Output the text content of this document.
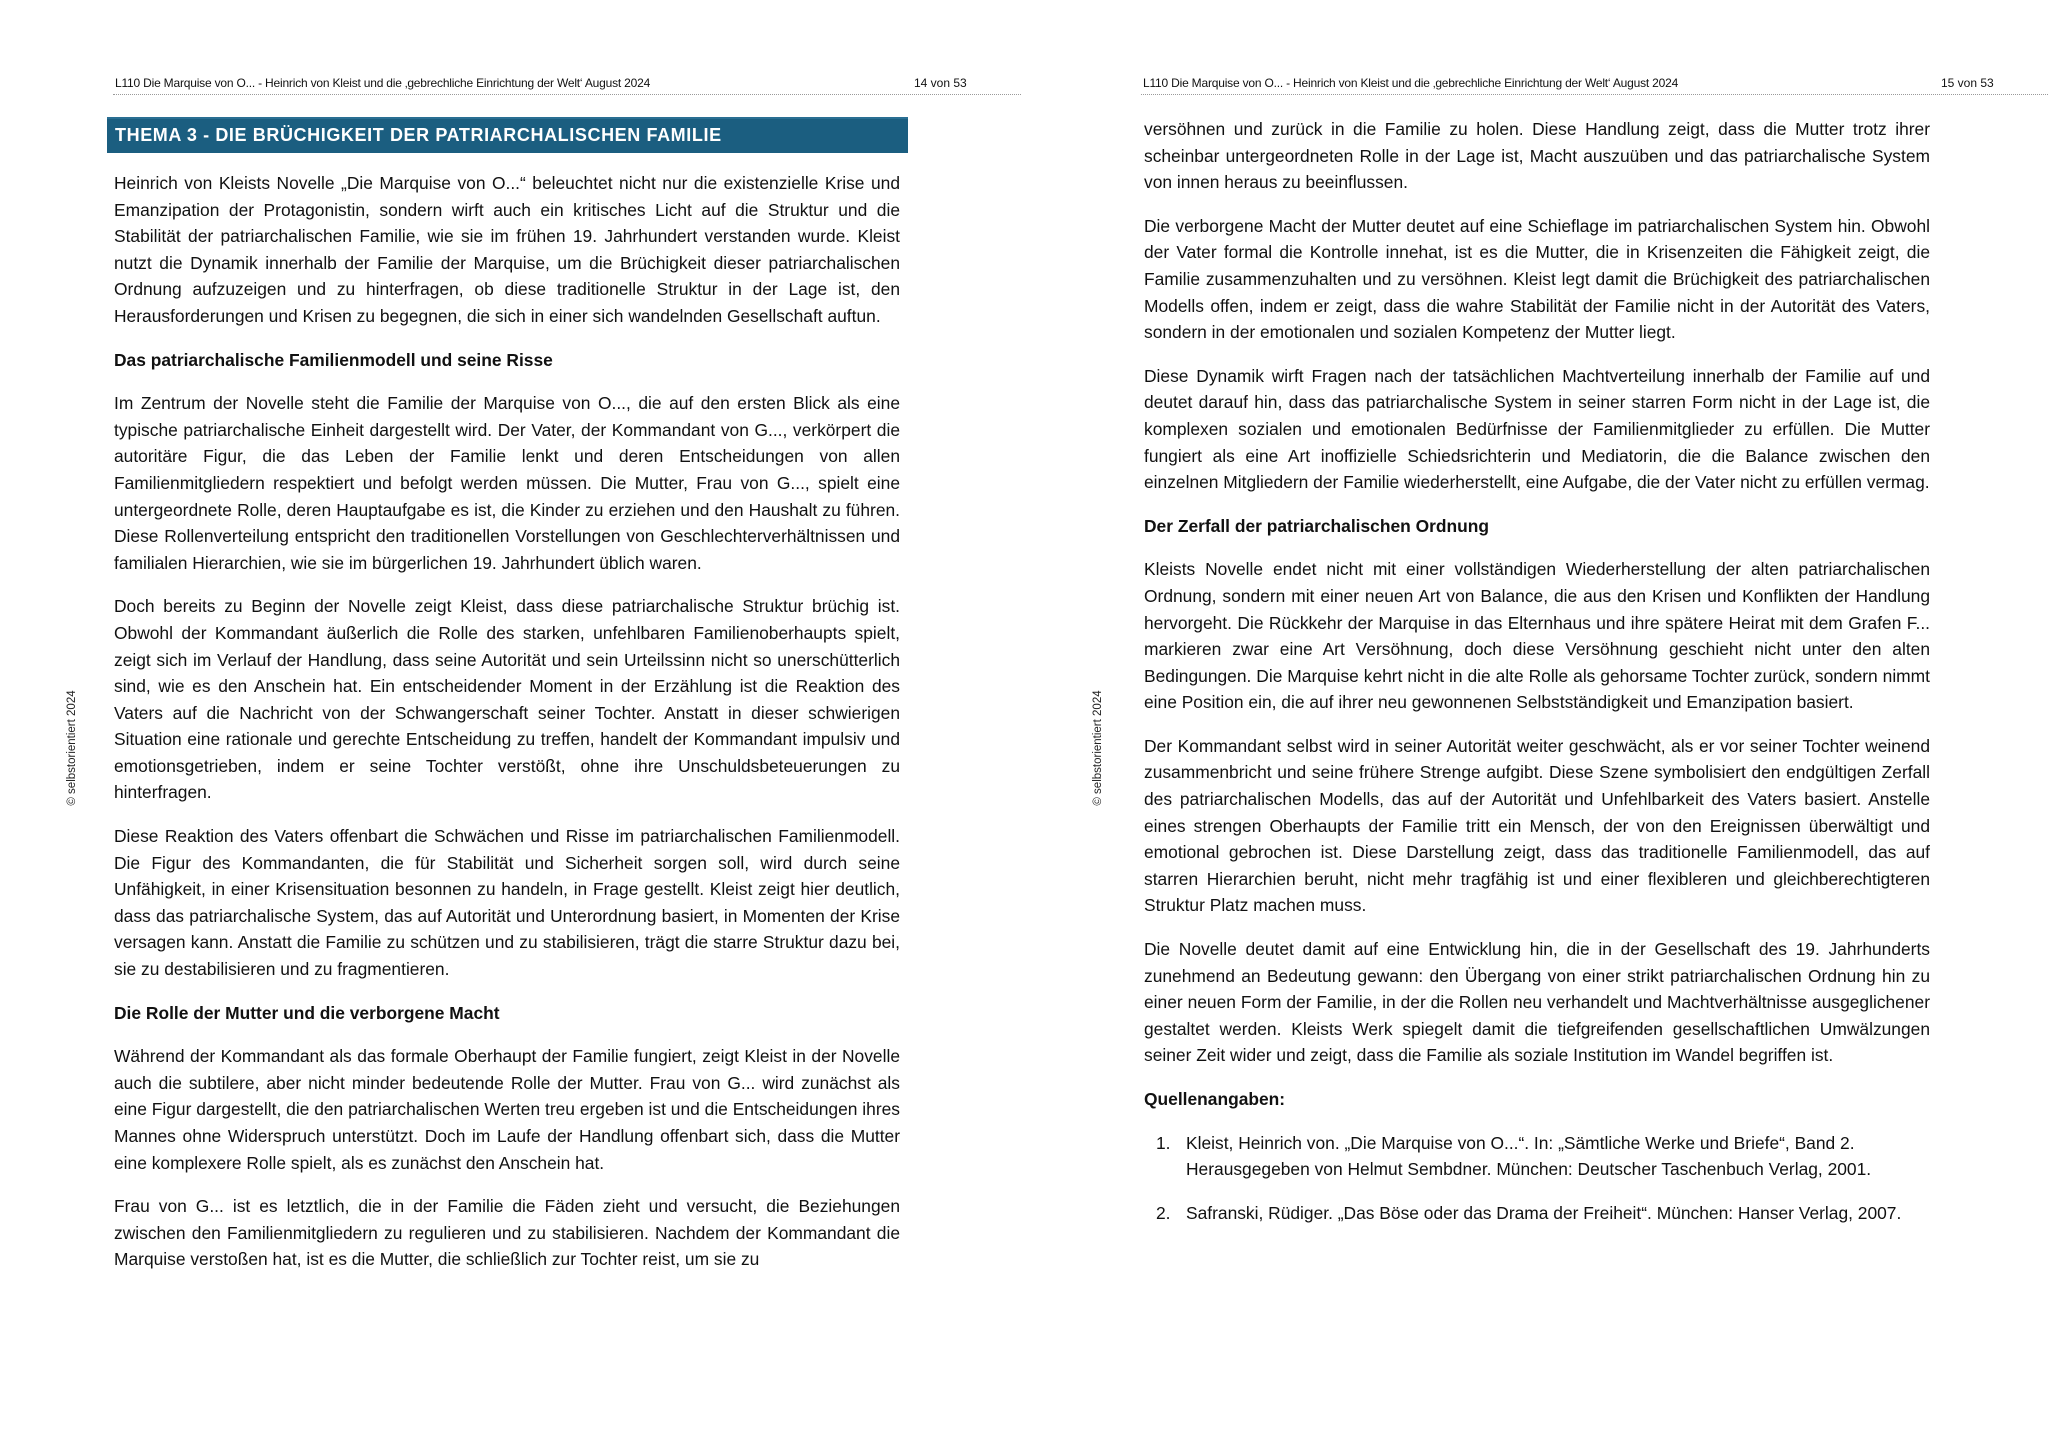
L110 Die Marquise von O... - Heinrich von Kleist und die ‚gebrechliche Einrichtung der Welt‘ August 2024	14 von 53
© selbstorientiert 2024
THEMA 3 - DIE BRÜCHIGKEIT DER PATRIARCHALISCHEN FAMILIE

Heinrich von Kleists Novelle „Die Marquise von O...“ beleuchtet nicht nur die existenzielle Krise und Emanzipation der Protagonistin, sondern wirft auch ein kritisches Licht auf die Struktur und die Stabilität der patriarchalischen Familie, wie sie im frühen 19. Jahrhundert verstanden wurde. Kleist nutzt die Dynamik innerhalb der Familie der Marquise, um die Brüchigkeit dieser patriarchalischen Ordnung aufzuzeigen und zu hinterfragen, ob diese traditionelle Struktur in der Lage ist, den Herausforderungen und Krisen zu begegnen, die sich in einer sich wandelnden Gesellschaft auftun.

Das patriarchalische Familienmodell und seine Risse

Im Zentrum der Novelle steht die Familie der Marquise von O..., die auf den ersten Blick als eine typische patriarchalische Einheit dargestellt wird. Der Vater, der Kommandant von G..., verkörpert die autoritäre Figur, die das Leben der Familie lenkt und deren Entscheidungen von allen Familienmitgliedern respektiert und befolgt werden müssen. Die Mutter, Frau von G..., spielt eine untergeordnete Rolle, deren Hauptaufgabe es ist, die Kinder zu erziehen und den Haushalt zu führen. Diese Rollenverteilung entspricht den traditionellen Vorstellungen von Geschlechterverhältnissen und familialen Hierarchien, wie sie im bürgerlichen 19. Jahrhundert üblich waren.

Doch bereits zu Beginn der Novelle zeigt Kleist, dass diese patriarchalische Struktur brüchig ist. Obwohl der Kommandant äußerlich die Rolle des starken, unfehlbaren Familienoberhaupts spielt, zeigt sich im Verlauf der Handlung, dass seine Autorität und sein Urteilssinn nicht so unerschütterlich sind, wie es den Anschein hat. Ein entscheidender Moment in der Erzählung ist die Reaktion des Vaters auf die Nachricht von der Schwangerschaft seiner Tochter. Anstatt in dieser schwierigen Situation eine rationale und gerechte Entscheidung zu treffen, handelt der Kommandant impulsiv und emotionsgetrieben, indem er seine Tochter verstößt, ohne ihre Unschuldsbeteuerungen zu hinterfragen.

Diese Reaktion des Vaters offenbart die Schwächen und Risse im patriarchalischen Familienmodell. Die Figur des Kommandanten, die für Stabilität und Sicherheit sorgen soll, wird durch seine Unfähigkeit, in einer Krisensituation besonnen zu handeln, in Frage gestellt. Kleist zeigt hier deutlich, dass das patriarchalische System, das auf Autorität und Unterordnung basiert, in Momenten der Krise versagen kann. Anstatt die Familie zu schützen und zu stabilisieren, trägt die starre Struktur dazu bei, sie zu destabilisieren und zu fragmentieren.

Die Rolle der Mutter und die verborgene Macht

Während der Kommandant als das formale Oberhaupt der Familie fungiert, zeigt Kleist in der Novelle auch die subtilere, aber nicht minder bedeutende Rolle der Mutter. Frau von G... wird zunächst als eine Figur dargestellt, die den patriarchalischen Werten treu ergeben ist und die Entscheidungen ihres Mannes ohne Widerspruch unterstützt. Doch im Laufe der Handlung offenbart sich, dass die Mutter eine komplexere Rolle spielt, als es zunächst den Anschein hat.

Frau von G... ist es letztlich, die in der Familie die Fäden zieht und versucht, die Beziehungen zwischen den Familienmitgliedern zu regulieren und zu stabilisieren. Nachdem der Kommandant die Marquise verstoßen hat, ist es die Mutter, die schließlich zur Tochter reist, um sie zu

L110 Die Marquise von O... - Heinrich von Kleist und die ‚gebrechliche Einrichtung der Welt‘ August 2024	15 von 53
© selbstorientiert 2024

versöhnen und zurück in die Familie zu holen. Diese Handlung zeigt, dass die Mutter trotz ihrer scheinbar untergeordneten Rolle in der Lage ist, Macht auszuüben und das patriarchalische System von innen heraus zu beeinflussen.

Die verborgene Macht der Mutter deutet auf eine Schieflage im patriarchalischen System hin. Obwohl der Vater formal die Kontrolle innehat, ist es die Mutter, die in Krisenzeiten die Fähigkeit zeigt, die Familie zusammenzuhalten und zu versöhnen. Kleist legt damit die Brüchigkeit des patriarchalischen Modells offen, indem er zeigt, dass die wahre Stabilität der Familie nicht in der Autorität des Vaters, sondern in der emotionalen und sozialen Kompetenz der Mutter liegt.

Diese Dynamik wirft Fragen nach der tatsächlichen Machtverteilung innerhalb der Familie auf und deutet darauf hin, dass das patriarchalische System in seiner starren Form nicht in der Lage ist, die komplexen sozialen und emotionalen Bedürfnisse der Familienmitglieder zu erfüllen. Die Mutter fungiert als eine Art inoffizielle Schiedsrichterin und Mediatorin, die die Balance zwischen den einzelnen Mitgliedern der Familie wiederherstellt, eine Aufgabe, die der Vater nicht zu erfüllen vermag.

Der Zerfall der patriarchalischen Ordnung

Kleists Novelle endet nicht mit einer vollständigen Wiederherstellung der alten patriarchalischen Ordnung, sondern mit einer neuen Art von Balance, die aus den Krisen und Konflikten der Handlung hervorgeht. Die Rückkehr der Marquise in das Elternhaus und ihre spätere Heirat mit dem Grafen F... markieren zwar eine Art Versöhnung, doch diese Versöhnung geschieht nicht unter den alten Bedingungen. Die Marquise kehrt nicht in die alte Rolle als gehorsame Tochter zurück, sondern nimmt eine Position ein, die auf ihrer neu gewonnenen Selbstständigkeit und Emanzipation basiert.

Der Kommandant selbst wird in seiner Autorität weiter geschwächt, als er vor seiner Tochter weinend zusammenbricht und seine frühere Strenge aufgibt. Diese Szene symbolisiert den endgültigen Zerfall des patriarchalischen Modells, das auf der Autorität und Unfehlbarkeit des Vaters basiert. Anstelle eines strengen Oberhaupts der Familie tritt ein Mensch, der von den Ereignissen überwältigt und emotional gebrochen ist. Diese Darstellung zeigt, dass das traditionelle Familienmodell, das auf starren Hierarchien beruht, nicht mehr tragfähig ist und einer flexibleren und gleichberechtigteren Struktur Platz machen muss.

Die Novelle deutet damit auf eine Entwicklung hin, die in der Gesellschaft des 19. Jahrhunderts zunehmend an Bedeutung gewann: den Übergang von einer strikt patriarchalischen Ordnung hin zu einer neuen Form der Familie, in der die Rollen neu verhandelt und Machtverhältnisse ausgeglichener gestaltet werden. Kleists Werk spiegelt damit die tiefgreifenden gesellschaftlichen Umwälzungen seiner Zeit wider und zeigt, dass die Familie als soziale Institution im Wandel begriffen ist.

Quellenangaben:
1. Kleist, Heinrich von. „Die Marquise von O...“. In: „Sämtliche Werke und Briefe“, Band 2. Herausgegeben von Helmut Sembdner. München: Deutscher Taschenbuch Verlag, 2001.
2. Safranski, Rüdiger. „Das Böse oder das Drama der Freiheit“. München: Hanser Verlag, 2007.
